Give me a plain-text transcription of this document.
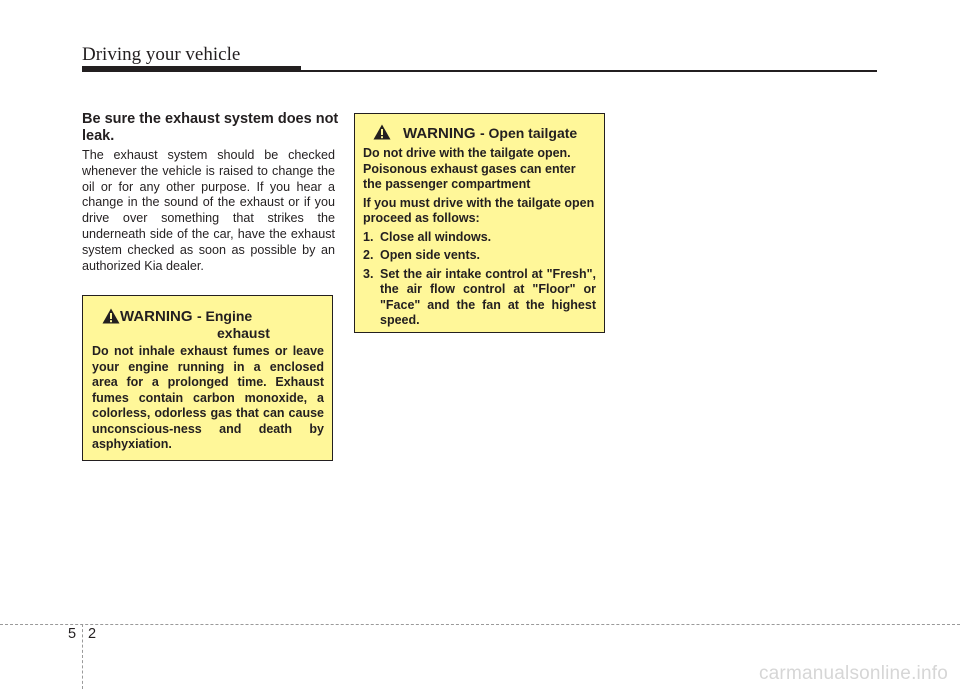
Driving your vehicle
Be sure the exhaust system does not leak.
The exhaust system should be checked whenever the vehicle is raised to change the oil or for any other purpose. If you hear a change in the sound of the exhaust or if you drive over something that strikes the underneath side of the car, have the exhaust system checked as soon as possible by an authorized Kia dealer.
WARNING - Engine
exhaust
Do not inhale exhaust fumes or leave your engine running in a enclosed area for a prolonged time. Exhaust fumes contain carbon monoxide, a colorless, odorless gas that can cause unconscious-ness and death by asphyxiation.
WARNING - Open tailgate

Do not drive with the tailgate open. Poisonous exhaust gases can enter the passenger compartment

If you must drive with the tailgate open proceed as follows:

1. Close all windows.
2. Open side vents.
3. Set the air intake control at "Fresh", the air flow control at "Floor" or "Face" and the fan at the highest speed.
5 2
carmanualsonline.info
